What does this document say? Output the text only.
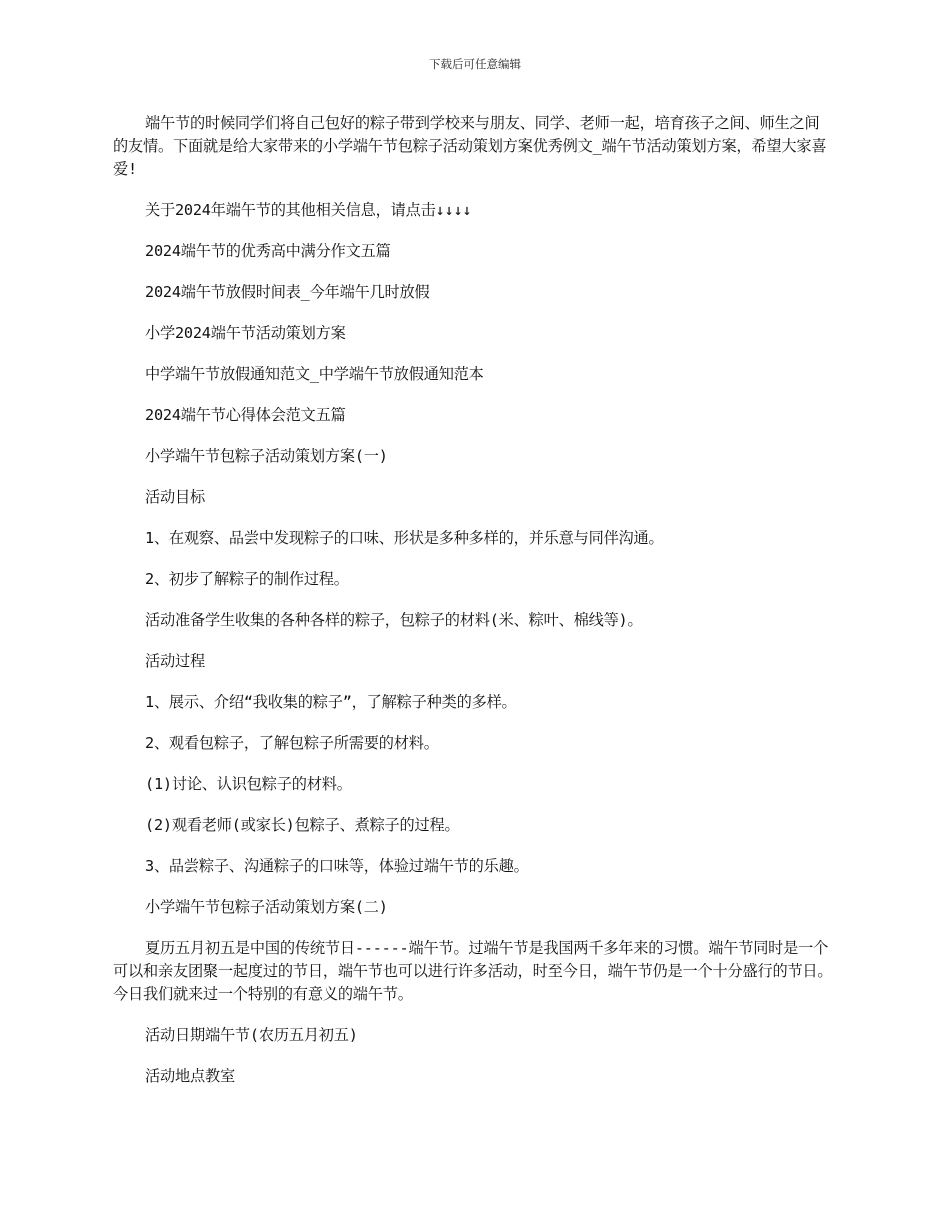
下载后可任意编辑

端午节的时候同学们将自己包好的粽子带到学校来与朋友、同学、老师一起，培育孩子之间、师生之间的友情。下面就是给大家带来的小学端午节包粽子活动策划方案优秀例文_端午节活动策划方案，希望大家喜爱!

关于2024年端午节的其他相关信息，请点击↓↓↓↓

2024端午节的优秀高中满分作文五篇

2024端午节放假时间表_今年端午几时放假

小学2024端午节活动策划方案

中学端午节放假通知范文_中学端午节放假通知范本

2024端午节心得体会范文五篇

小学端午节包粽子活动策划方案(一)

活动目标

1、在观察、品尝中发现粽子的口味、形状是多种多样的，并乐意与同伴沟通。

2、初步了解粽子的制作过程。

活动准备学生收集的各种各样的粽子，包粽子的材料(米、粽叶、棉线等)。

活动过程

1、展示、介绍“我收集的粽子”，了解粽子种类的多样。

2、观看包粽子，了解包粽子所需要的材料。

(1)讨论、认识包粽子的材料。

(2)观看老师(或家长)包粽子、煮粽子的过程。

3、品尝粽子、沟通粽子的口味等，体验过端午节的乐趣。

小学端午节包粽子活动策划方案(二)

夏历五月初五是中国的传统节日------端午节。过端午节是我国两千多年来的习惯。端午节同时是一个可以和亲友团聚一起度过的节日，端午节也可以进行许多活动，时至今日，端午节仍是一个十分盛行的节日。今日我们就来过一个特别的有意义的端午节。

活动日期端午节(农历五月初五)

活动地点教室
